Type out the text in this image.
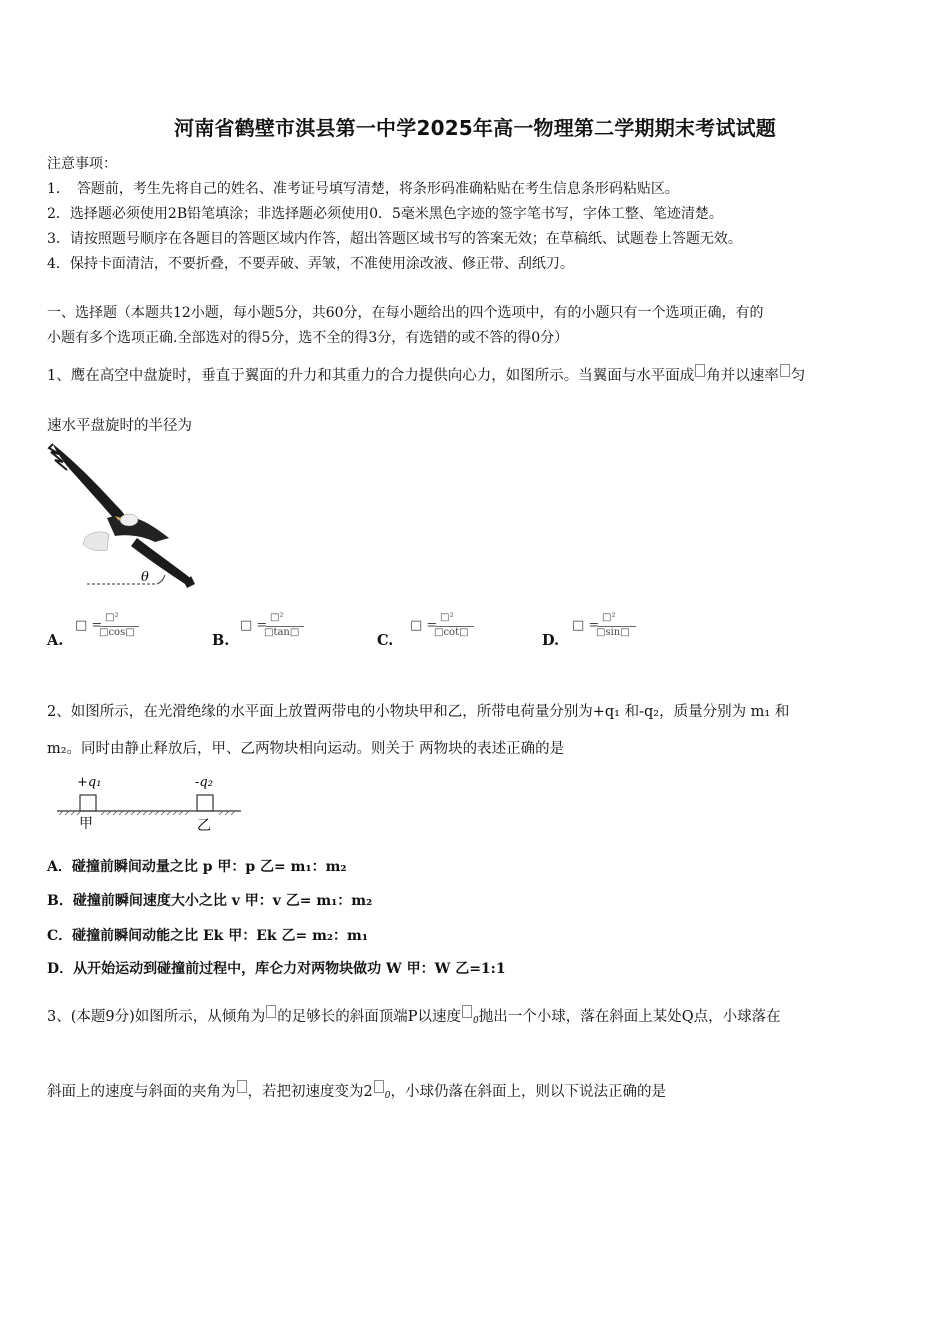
河南省鹤壁市淇县第一中学2025年高一物理第二学期期末考试试题
注意事项：
1．　答题前，考生先将自己的姓名、准考证号填写清楚，将条形码准确粘贴在考生信息条形码粘贴区。
2．选择题必须使用2B铅笔填涂；非选择题必须使用0．5毫米黑色字迹的签字笔书写，字体工整、笔迹清楚。
3．请按照题号顺序在各题目的答题区域内作答，超出答题区域书写的答案无效；在草稿纸、试题卷上答题无效。
4．保持卡面清洁，不要折叠，不要弄破、弄皱，不准使用涂改液、修正带、刮纸刀。
一、选择题（本题共12小题，每小题5分，共60分，在每小题给出的四个选项中，有的小题只有一个选项正确，有的
小题有多个选项正确.全部选对的得5分，选不全的得3分，有选错的或不答的得0分）
1、鹰在高空中盘旋时，垂直于翼面的升力和其重力的合力提供向心力，如图所示。当翼面与水平面成 角并以速率 匀
速水平盘旋时的半径为
θ
A.
□ =
□²
□cos□	B.
□ =
□²
□tan□	C.
□ =
□²
□cot□	D.
□ =
□²
□sin□
2、如图所示，在光滑绝缘的水平面上放置两带电的小物块甲和乙，所带电荷量分别为+q₁ 和-q₂，质量分别为 m₁ 和
m₂。同时由静止释放后，甲、乙两物块相向运动。则关于 两物块的表述正确的是
+q₁	-q₂
甲	乙
A．碰撞前瞬间动量之比 p 甲：p 乙= m₁：m₂
B．碰撞前瞬间速度大小之比 v 甲：v 乙= m₁：m₂
C．碰撞前瞬间动能之比 Ek 甲：Ek 乙= m₂：m₁
D．从开始运动到碰撞前过程中，库仑力对两物块做功 W 甲：W 乙=1:1
3、(本题9分)如图所示，从倾角为 的足够长的斜面顶端P以速度 $_0$抛出一个小球，落在斜面上某处Q点，小球落在
斜面上的速度与斜面的夹角为 ，若把初速度变为2 $_0$，小球仍落在斜面上，则以下说法正确的是
